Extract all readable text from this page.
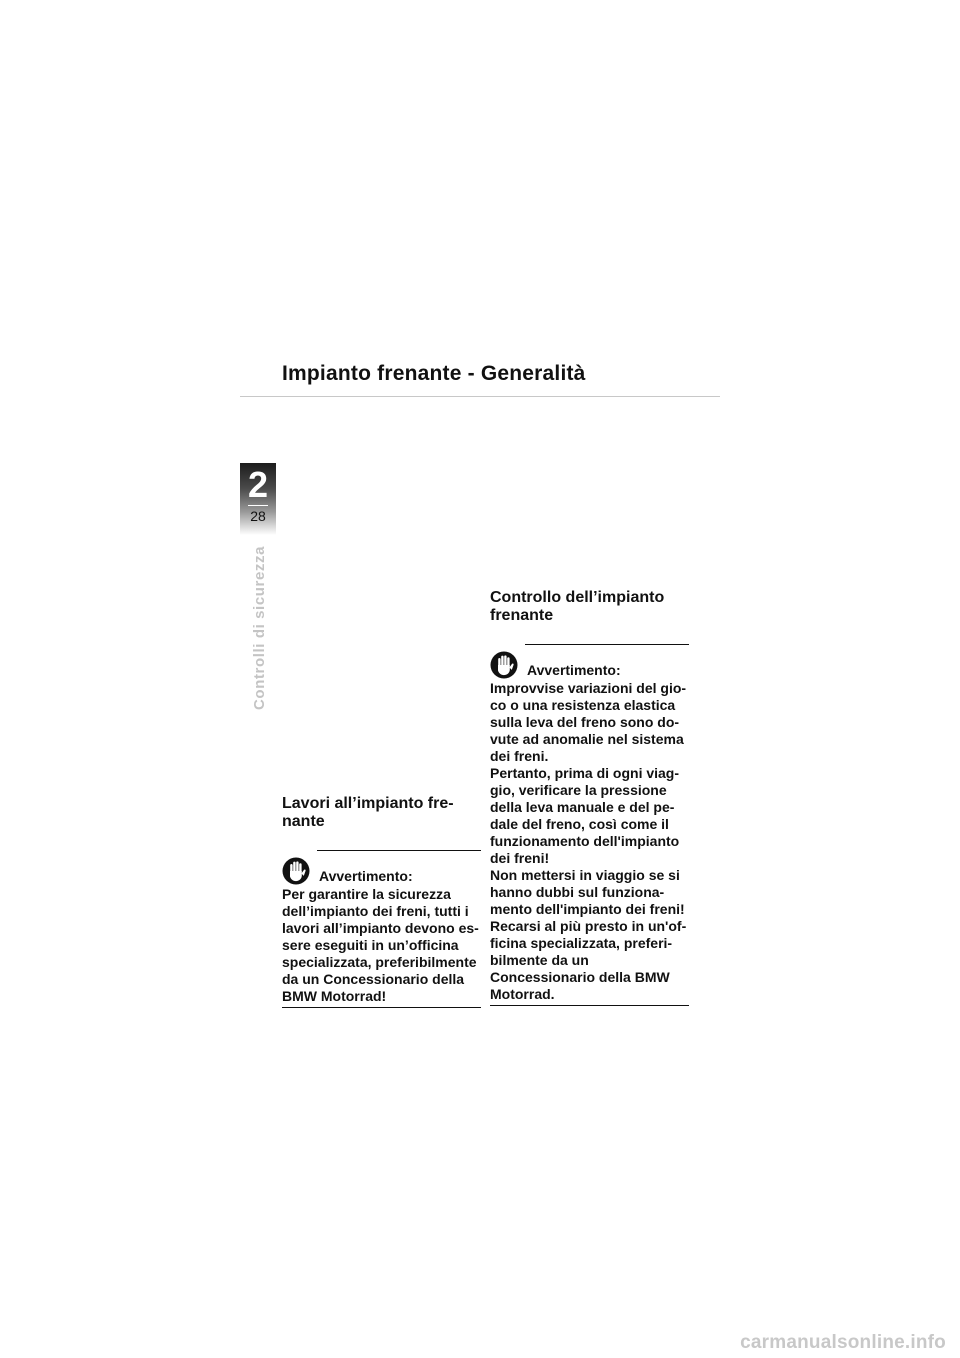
Impianto frenante - Generalità
2
28
Controlli di sicurezza
Lavori all’impianto fre-
nante
Avvertimento:
Per garantire la sicurezza
dell’impianto dei freni, tutti i
lavori all’impianto devono es-
sere eseguiti in un’officina
specializzata, preferibilmente
da un Concessionario della
BMW Motorrad!
Controllo dell’impianto
frenante
Avvertimento:
Improvvise variazioni del gio-
co o una resistenza elastica
sulla leva del freno sono do-
vute ad anomalie nel sistema
dei freni.
Pertanto, prima di ogni viag-
gio, verificare la pressione
della leva manuale e del pe-
dale del freno, così come il
funzionamento dell'impianto
dei freni!
Non mettersi in viaggio se si
hanno dubbi sul funziona-
mento dell'impianto dei freni!
Recarsi al più presto in un'of-
ficina specializzata, preferi-
bilmente da un
Concessionario della BMW
Motorrad.
carmanualsonline.info
